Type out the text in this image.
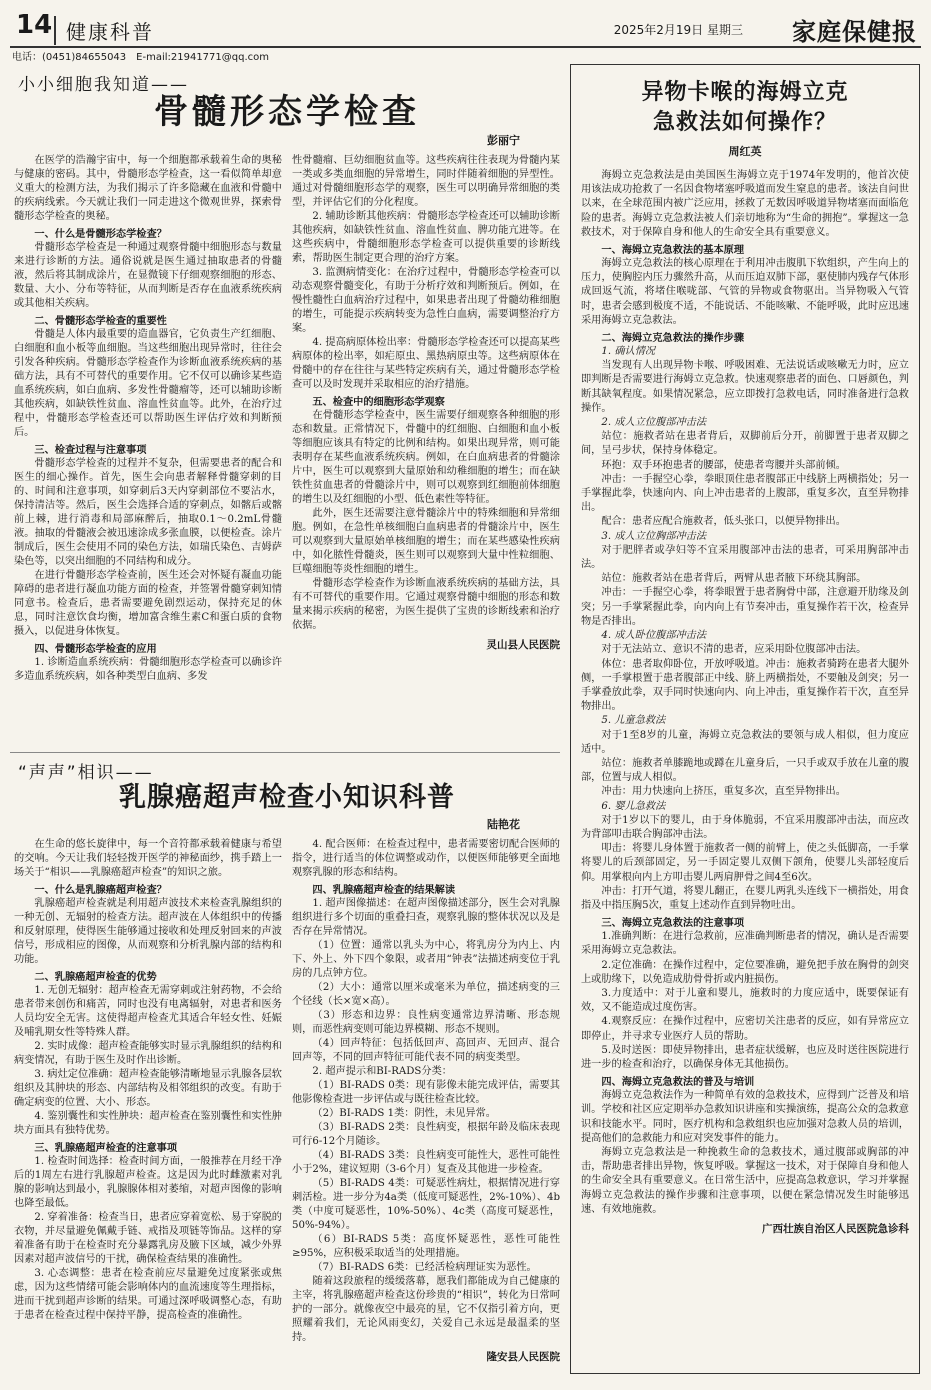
14 健康科普	2025年2月19日 星期三 家庭保健报
电话：(0451)84655043　E-mail:21941771@qq.com
小小细胞我知道——
骨髓形态学检查
彭丽宁

在医学的浩瀚宇宙中，每一个细胞都承载着生命的奥秘与健康的密码。其中，骨髓形态学检查，这一看似简单却意义重大的检测方法，为我们揭示了许多隐藏在血液和骨髓中的疾病线索。今天就让我们一同走进这个微观世界，探索骨髓形态学检查的奥秘。

一、什么是骨髓形态学检查？

骨髓形态学检查是一种通过观察骨髓中细胞形态与数量来进行诊断的方法。通俗说就是医生通过抽取患者的骨髓液，然后将其制成涂片，在显微镜下仔细观察细胞的形态、数量、大小、分布等特征，从而判断是否存在血液系统疾病或其他相关疾病。

二、骨髓形态学检查的重要性

骨髓是人体内最重要的造血器官，它负责生产红细胞、白细胞和血小板等血细胞。当这些细胞出现异常时，往往会引发各种疾病。骨髓形态学检查作为诊断血液系统疾病的基础方法，具有不可替代的重要作用。它不仅可以确诊某些造血系统疾病，如白血病、多发性骨髓瘤等，还可以辅助诊断其他疾病，如缺铁性贫血、溶血性贫血等。此外，在治疗过程中，骨髓形态学检查还可以帮助医生评估疗效和判断预后。

三、检查过程与注意事项

骨髓形态学检查的过程并不复杂，但需要患者的配合和医生的细心操作。首先，医生会向患者解释骨髓穿刺的目的、时间和注意事项，如穿刺后3天内穿刺部位不要沾水，保持清洁等。然后，医生会选择合适的穿刺点，如髂后或髂前上棘，进行消毒和局部麻醉后，抽取0.1～0.2mL骨髓液。抽取的骨髓液会被迅速涂成多张血膜，以便检查。涂片制成后，医生会使用不同的染色方法，如瑞氏染色、吉姆萨染色等，以突出细胞的不同结构和成分。

在进行骨髓形态学检查前，医生还会对怀疑有凝血功能障碍的患者进行凝血功能方面的检查，并签署骨髓穿刺知情同意书。检查后，患者需要避免剧烈运动，保持充足的休息，同时注意饮食均衡，增加富含维生素C和蛋白质的食物摄入，以促进身体恢复。

四、骨髓形态学检查的应用

1. 诊断造血系统疾病：骨髓细胞形态学检查可以确诊许多造血系统疾病，如各种类型白血病、多发

性骨髓瘤、巨幼细胞贫血等。这些疾病往往表现为骨髓内某一类或多类血细胞的异常增生，同时伴随着细胞的异型性。通过对骨髓细胞形态学的观察，医生可以明确异常细胞的类型，并评估它们的分化程度。

2. 辅助诊断其他疾病：骨髓形态学检查还可以辅助诊断其他疾病，如缺铁性贫血、溶血性贫血、脾功能亢进等。在这些疾病中，骨髓细胞形态学检查可以提供重要的诊断线索，帮助医生制定更合理的治疗方案。

3. 监测病情变化：在治疗过程中，骨髓形态学检查可以动态观察骨髓变化，有助于分析疗效和判断预后。例如，在慢性髓性白血病治疗过程中，如果患者出现了骨髓幼稚细胞的增生，可能提示疾病转变为急性白血病，需要调整治疗方案。

4. 提高病原体检出率：骨髓形态学检查还可以提高某些病原体的检出率，如疟原虫、黑热病原虫等。这些病原体在骨髓中的存在往往与某些特定疾病有关，通过骨髓形态学检查可以及时发现并采取相应的治疗措施。

五、检查中的细胞形态学观察

在骨髓形态学检查中，医生需要仔细观察各种细胞的形态和数量。正常情况下，骨髓中的红细胞、白细胞和血小板等细胞应该具有特定的比例和结构。如果出现异常，则可能表明存在某些血液系统疾病。例如，在白血病患者的骨髓涂片中，医生可以观察到大量原始和幼稚细胞的增生；而在缺铁性贫血患者的骨髓涂片中，则可以观察到红细胞前体细胞的增生以及红细胞的小型、低色素性等特征。

此外，医生还需要注意骨髓涂片中的特殊细胞和异常细胞。例如，在急性单核细胞白血病患者的骨髓涂片中，医生可以观察到大量原始单核细胞的增生；而在某些感染性疾病中，如化脓性骨髓炎，医生则可以观察到大量中性粒细胞、巨噬细胞等炎性细胞的增生。

骨髓形态学检查作为诊断血液系统疾病的基础方法，具有不可替代的重要作用。它通过观察骨髓中细胞的形态和数量来揭示疾病的秘密，为医生提供了宝贵的诊断线索和治疗依据。

灵山县人民医院
“声声”相识——
乳腺癌超声检查小知识科普
陆艳花

在生命的悠长旋律中，每一个音符都承载着健康与希望的交响。今天让我们轻轻拨开医学的神秘面纱，携手踏上一场关于“相识——乳腺癌超声检查”的知识之旅。

一、什么是乳腺癌超声检查？

乳腺癌超声检查就是利用超声波技术来检查乳腺组织的一种无创、无辐射的检查方法。超声波在人体组织中的传播和反射原理，使得医生能够通过接收和处理反射回来的声波信号，形成相应的图像，从而观察和分析乳腺内部的结构和功能。

二、乳腺癌超声检查的优势

1. 无创无辐射：超声检查无需穿刺或注射药物，不会给患者带来创伤和痛苦，同时也没有电离辐射，对患者和医务人员均安全无害。这使得超声检查尤其适合年轻女性、妊娠及哺乳期女性等特殊人群。

2. 实时成像：超声检查能够实时显示乳腺组织的结构和病变情况，有助于医生及时作出诊断。

3. 病灶定位准确：超声检查能够清晰地显示乳腺各层软组织及其肿块的形态、内部结构及相邻组织的改变。有助于确定病变的位置、大小、形态。

4. 鉴别囊性和实性肿块：超声检查在鉴别囊性和实性肿块方面具有独特优势。

三、乳腺癌超声检查的注意事项

1. 检查时间选择：检查时间方面，一般推荐在月经干净后的1周左右进行乳腺超声检查。这是因为此时雌激素对乳腺的影响达到最小，乳腺腺体相对萎缩，对超声图像的影响也降至最低。

2. 穿着准备：检查当日，患者应穿着宽松、易于穿脱的衣物，并尽量避免佩戴手链、戒指及项链等饰品。这样的穿着准备有助于在检查时充分暴露乳房及腋下区域，减少外界因素对超声波信号的干扰，确保检查结果的准确性。

3. 心态调整：患者在检查前应尽量避免过度紧张或焦虑，因为这些情绪可能会影响体内的血流速度等生理指标，进而干扰到超声诊断的结果。可通过深呼吸调整心态，有助于患者在检查过程中保持平静，提高检查的准确性。

4. 配合医师：在检查过程中，患者需要密切配合医师的指令，进行适当的体位调整或动作，以便医师能够更全面地观察乳腺的形态和结构。

四、乳腺癌超声检查的结果解读

1. 超声图像描述：在超声图像描述部分，医生会对乳腺组织进行多个切面的重叠扫查，观察乳腺的整体状况以及是否存在异常情况。

（1）位置：通常以乳头为中心，将乳房分为内上、内下、外上、外下四个象限，或者用“钟表”法描述病变位于乳房的几点钟方位。

（2）大小：通常以厘米或毫米为单位，描述病变的三个径线（长×宽×高）。

（3）形态和边界：良性病变通常边界清晰、形态规则，而恶性病变则可能边界模糊、形态不规则。

（4）回声特征：包括低回声、高回声、无回声、混合回声等，不同的回声特征可能代表不同的病变类型。

2. 超声提示和BI-RADS分类：

（1）BI-RADS 0类：现有影像未能完成评估，需要其他影像检查进一步评估或与既往检查比较。

（2）BI-RADS 1类：阴性，未见异常。

（3）BI-RADS 2类：良性病变，根据年龄及临床表现可行6-12个月随诊。

（4）BI-RADS 3类：良性病变可能性大，恶性可能性小于2%，建议短期（3-6个月）复查及其他进一步检查。

（5）BI-RADS 4类：可疑恶性病灶，根据情况进行穿刺活检。进一步分为4a类（低度可疑恶性，2%-10%）、4b类（中度可疑恶性，10%-50%）、4c类（高度可疑恶性，50%-94%）。

（6）BI-RADS 5类：高度怀疑恶性，恶性可能性≥95%，应积极采取适当的处理措施。

（7）BI-RADS 6类：已经活检病理证实为恶性。

随着这段旅程的缓缓落幕，愿我们都能成为自己健康的主宰，将乳腺癌超声检查这份珍贵的“相识”，转化为日常呵护的一部分。就像夜空中最亮的星，它不仅指引着方向，更照耀着我们，无论风雨变幻，关爱自己永远是最温柔的坚持。

隆安县人民医院
异物卡喉的海姆立克
急救法如何操作？
周红英

海姆立克急救法是由美国医生海姆立克于1974年发明的，他首次使用该法成功抢救了一名因食物堵塞呼吸道而发生窒息的患者。该法自问世以来，在全球范围内被广泛应用，拯救了无数因呼吸道异物堵塞而面临危险的患者。海姆立克急救法被人们亲切地称为“生命的拥抱”。掌握这一急救技术，对于保障自身和他人的生命安全具有重要意义。

一、海姆立克急救法的基本原理

海姆立克急救法的核心原理在于利用冲击腹肌下软组织，产生向上的压力，使胸腔内压力骤然升高，从而压迫双肺下部，驱使肺内残存气体形成回返气流，将堵住喉咙部、气管的异物或食物驱出。当异物吸入气管时，患者会感到极度不适，不能说话、不能咳嗽、不能呼吸，此时应迅速采用海姆立克急救法。

二、海姆立克急救法的操作步骤

1. 确认情况

当发现有人出现异物卡喉、呼吸困难、无法说话或咳嗽无力时，应立即判断是否需要进行海姆立克急救。快速观察患者的面色、口唇颜色，判断其缺氧程度。如果情况紧急，应立即拨打急救电话，同时准备进行急救操作。

2. 成人立位腹部冲击法

站位：施救者站在患者背后，双脚前后分开，前脚置于患者双脚之间，呈弓步状，保持身体稳定。

环抱：双手环抱患者的腰部，使患者弯腰并头部前倾。

冲击：一手握空心拳，拳眼顶住患者腹部正中线脐上两横指处；另一手掌握此拳，快速向内、向上冲击患者的上腹部，重复多次，直至异物排出。

配合：患者应配合施救者，低头张口，以便异物排出。

3. 成人立位胸部冲击法

对于肥胖者或孕妇等不宜采用腹部冲击法的患者，可采用胸部冲击法。

站位：施救者站在患者背后，两臂从患者腋下环绕其胸部。

冲击：一手握空心拳，将拳眼置于患者胸骨中部，注意避开肋缘及剑突；另一手掌紧握此拳，向内向上有节奏冲击，重复操作若干次，检查异物是否排出。

4. 成人卧位腹部冲击法

对于无法站立、意识不清的患者，应采用卧位腹部冲击法。

体位：患者取仰卧位，开放呼吸道。冲击：施救者骑跨在患者大腿外侧，一手掌根置于患者腹部正中线、脐上两横指处，不要触及剑突；另一手掌叠放此拳，双手同时快速向内、向上冲击，重复操作若干次，直至异物排出。

5. 儿童急救法

对于1至8岁的儿童，海姆立克急救法的要领与成人相似，但力度应适中。

站位：施救者单膝跪地或蹲在儿童身后，一只手或双手放在儿童的腹部，位置与成人相似。

冲击：用力快速向上挤压，重复多次，直至异物排出。

6. 婴儿急救法

对于1岁以下的婴儿，由于身体脆弱，不宜采用腹部冲击法，而应改为背部叩击联合胸部冲击法。

叩击：将婴儿身体置于施救者一侧的前臂上，使之头低脚高，一手掌将婴儿的后颈部固定，另一手固定婴儿双侧下颌角，使婴儿头部轻度后仰。用掌根向内上方叩击婴儿两肩胛骨之间4至6次。

冲击：打开气道，将婴儿翻正，在婴儿两乳头连线下一横指处，用食指及中指压胸5次，重复上述动作直到异物吐出。

三、海姆立克急救法的注意事项

1.准确判断：在进行急救前，应准确判断患者的情况，确认是否需要采用海姆立克急救法。

2.定位准确：在操作过程中，定位要准确，避免把手放在胸骨的剑突上或肋缘下，以免造成肋骨骨折或内脏损伤。

3.力度适中：对于儿童和婴儿，施救时的力度应适中，既要保证有效，又不能造成过度伤害。

4.观察反应：在操作过程中，应密切关注患者的反应，如有异常应立即停止，并寻求专业医疗人员的帮助。

5.及时送医：即使异物排出，患者症状缓解，也应及时送往医院进行进一步的检查和治疗，以确保身体无其他损伤。

四、海姆立克急救法的普及与培训

海姆立克急救法作为一种简单有效的急救技术，应得到广泛普及和培训。学校和社区应定期举办急救知识讲座和实操演练，提高公众的急救意识和技能水平。同时，医疗机构和急救组织也应加强对急救人员的培训，提高他们的急救能力和应对突发事件的能力。

海姆立克急救法是一种挽救生命的急救技术，通过腹部或胸部的冲击，帮助患者排出异物，恢复呼吸。掌握这一技术，对于保障自身和他人的生命安全具有重要意义。在日常生活中，应提高急救意识，学习并掌握海姆立克急救法的操作步骤和注意事项，以便在紧急情况发生时能够迅速、有效地施救。

广西壮族自治区人民医院急诊科
